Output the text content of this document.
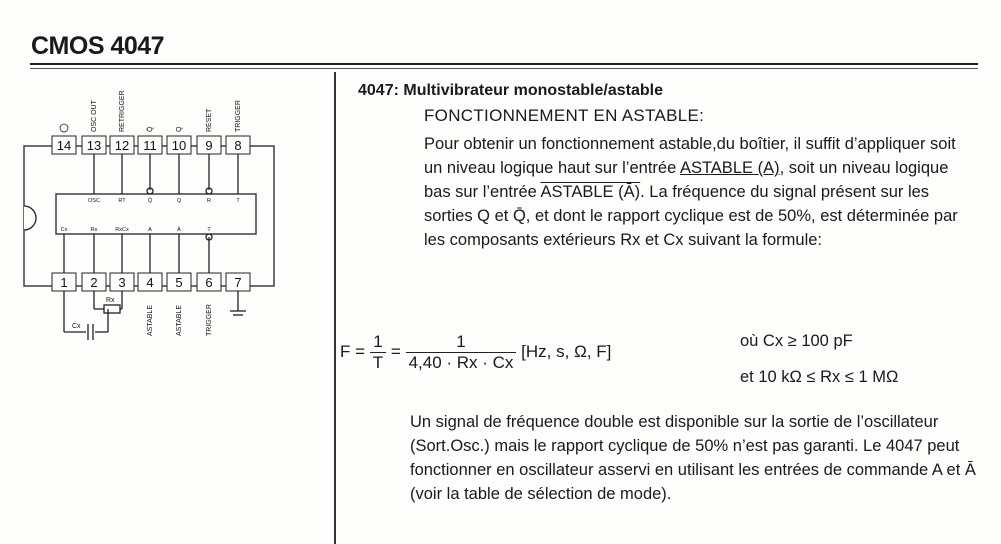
CMOS 4047
14 13 12 11 10 9 8
1 2 3 4 5 6 7
OSC OUT	RETRIGGER	Q̄	Q	RESET	TRIGGER
ASTABLE	ASTABLE	TRIGGER
OSC	RT	Q̄	Q	R	T
Cx	Rx	RxCx	A	Ā	T
Rx
Cx
4047: Multivibrateur monostable/astable
FONCTIONNEMENT EN ASTABLE:
Pour obtenir un fonctionnement astable,du boîtier, il suffit d’appliquer soit un niveau logique haut sur l’entrée ASTABLE (A), soit un niveau logique bas sur l’entrée ASTABLE (Ā). La fréquence du signal présent sur les sorties Q et Q̄, et dont le rapport cyclique est de 50%, est déterminée par les composants extérieurs Rx et Cx suivant la formule:
$F = \frac{1}{T} = \frac{1}{4,40 \cdot Rx \cdot Cx} [Hz$, s, Ω, F]
où Cx ≥ 100 pF
et 10 kΩ ≤ Rx ≤ 1 MΩ
Un signal de fréquence double est disponible sur la sortie de l’oscillateur (Sort.Osc.) mais le rapport cyclique de 50% n’est pas garanti. Le 4047 peut fonctionner en oscillateur asservi en utilisant les entrées de commande A et Ā (voir la table de sélection de mode).
